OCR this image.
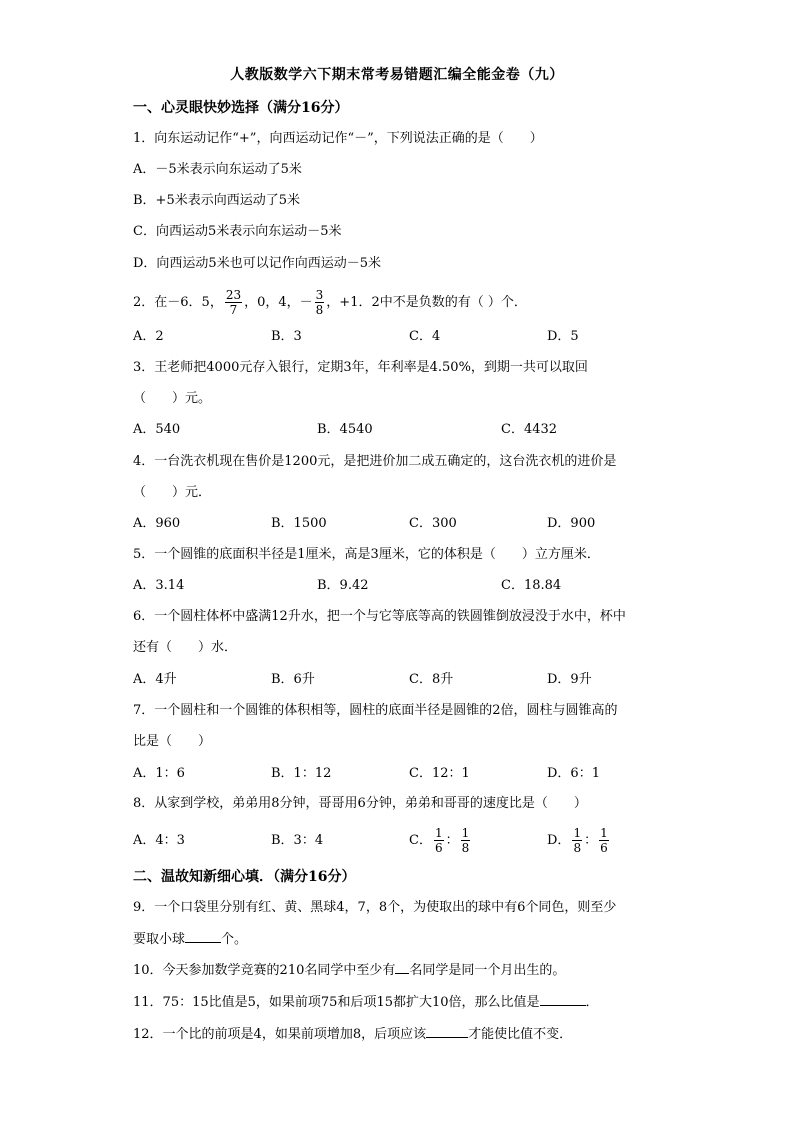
人教版数学六下期末常考易错题汇编全能金卷（九）
一、心灵眼快妙选择（满分16分）
1．向东运动记作“+”，向西运动记作“－”，下列说法正确的是（　　）
A．－5米表示向东运动了5米
B．+5米表示向西运动了5米
C．向西运动5米表示向东运动－5米
D．向西运动5米也可以记作向西运动－5米
2．在－6．5， $\frac{23}{7}$ ，0，4，－ $\frac{3}{8}$ ，+1．2中不是负数的有（ ）个．
A．2	B．3	C．4	D．5
3．王老师把4000元存入银行，定期3年，年利率是4.50%，到期一共可以取回
（　　）元。
A．540	B．4540	C．4432
4．一台洗衣机现在售价是1200元，是把进价加二成五确定的，这台洗衣机的进价是
（　　）元．
A．960	B．1500	C．300	D．900
5．一个圆锥的底面积半径是1厘米，高是3厘米，它的体积是（　　）立方厘米．
A．3.14	B．9.42	C．18.84
6．一个圆柱体杯中盛满12升水，把一个与它等底等高的铁圆锥倒放浸没于水中，杯中
还有（　　）水．
A．4升	B．6升	C．8升	D．9升
7．一个圆柱和一个圆锥的体积相等，圆柱的底面半径是圆锥的2倍，圆柱与圆锥高的
比是（　　）
A．1：6	B．1：12	C．12：1	D．6：1
8．从家到学校，弟弟用8分钟，哥哥用6分钟，弟弟和哥哥的速度比是（　　）
A．4：3	B．3：4	C． $\frac{1}{6}$ ： $\frac{1}{8}$	D． $\frac{1}{8}$ ： $\frac{1}{6}$
二、温故知新细心填．（满分16分）
9．一个口袋里分别有红、黄、黑球4，7，8个，为使取出的球中有6个同色，则至少
要取小球	个。
10．今天参加数学竞赛的210名同学中至少有 名同学是同一个月出生的。
11．75：15比值是5，如果前项75和后项15都扩大10倍，那么比值是	．
12．一个比的前项是4，如果前项增加8，后项应该	才能使比值不变．
